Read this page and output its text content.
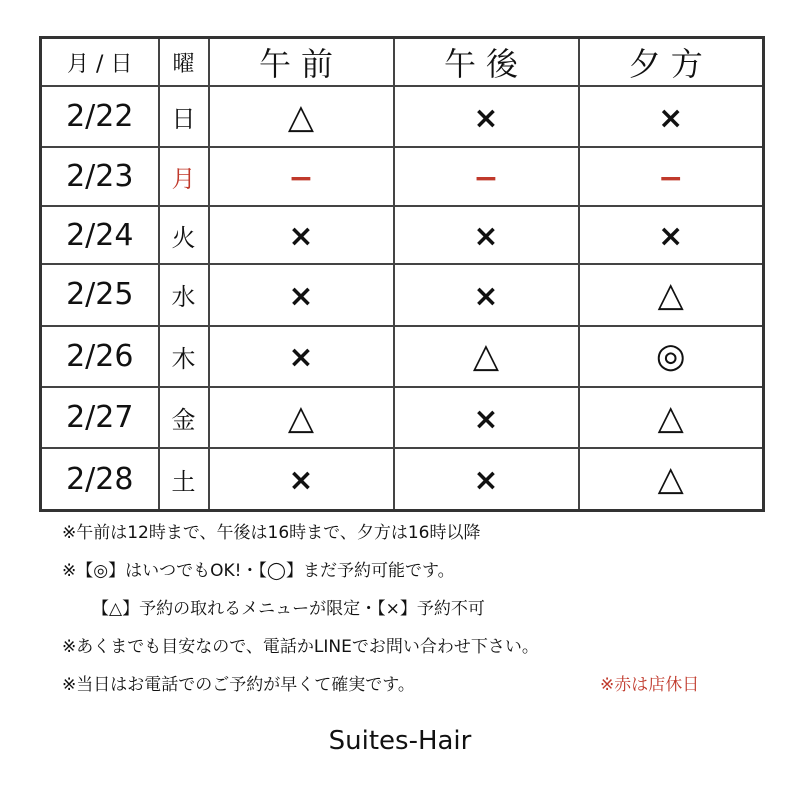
月 / 日	曜	午前	午後	夕方
2/22	日	△	×	×
2/23	月	−	−	−
2/24	火	×	×	×
2/25	水	×	×	△
2/26	木	×	△	◎
2/27	金	△	×	△
2/28	土	×	×	△
※午前は12時まで、午後は16時まで、夕方は16時以降
※【◎】はいつでもOK!・【◯】まだ予約可能です。
【△】予約の取れるメニューが限定・【×】予約不可
※あくまでも目安なので、電話かLINEでお問い合わせ下さい。
※当日はお電話でのご予約が早くて確実です。	※赤は店休日
Suites-Hair
